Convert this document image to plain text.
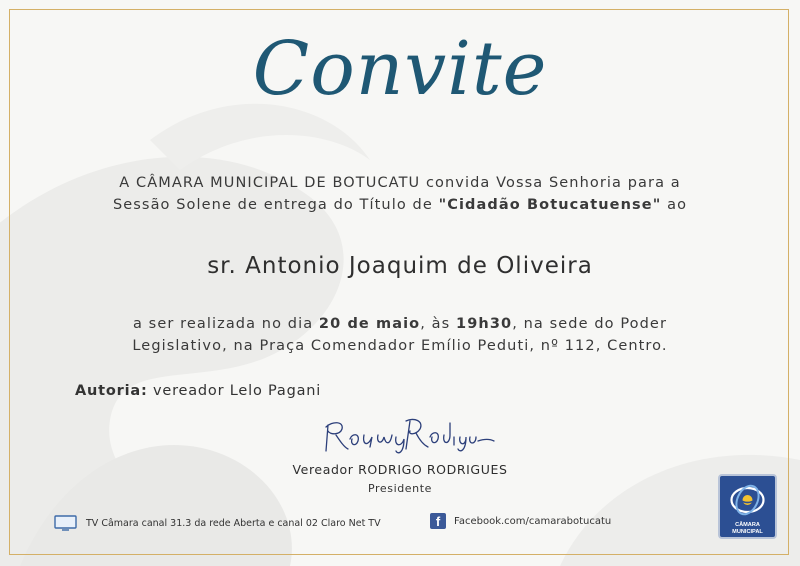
Convite
A CÂMARA MUNICIPAL DE BOTUCATU convida Vossa Senhoria para a
Sessão Solene de entrega do Título de "Cidadão Botucatuense" ao
sr. Antonio Joaquim de Oliveira
a ser realizada no dia 20 de maio, às 19h30, na sede do Poder
Legislativo, na Praça Comendador Emílio Peduti, nº 112, Centro.
Autoria: vereador Lelo Pagani
Vereador RODRIGO RODRIGUES
Presidente
TV Câmara canal 31.3 da rede Aberta e canal 02 Claro Net TV	f	Facebook.com/camarabotucatu	CÂMARA MUNICIPAL
BOTUCATU - SP
